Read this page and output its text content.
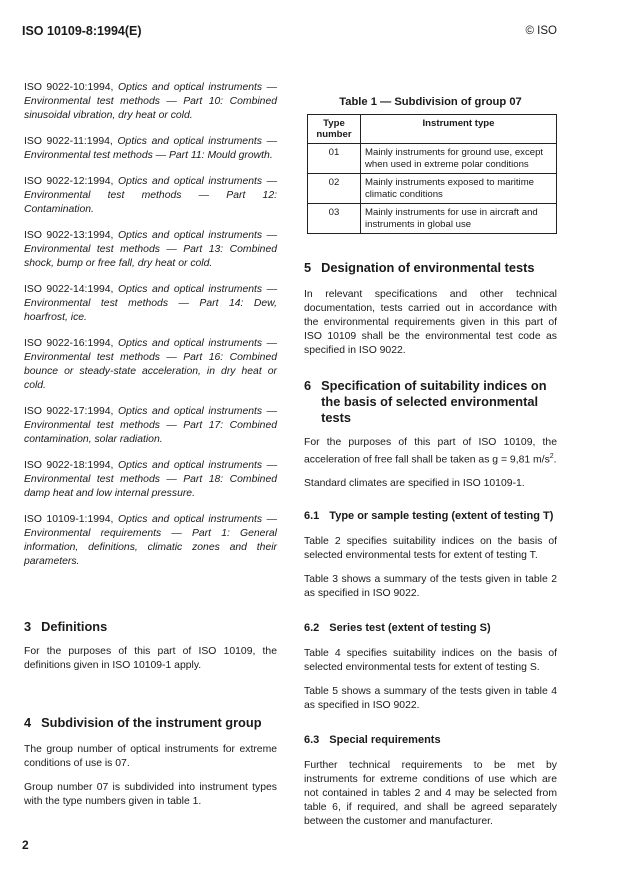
ISO 10109-8:1994(E)	© ISO

ISO 9022-10:1994, Optics and optical instruments — Environmental test methods — Part 10: Combined sinusoidal vibration, dry heat or cold.

ISO 9022-11:1994, Optics and optical instruments — Environmental test methods — Part 11: Mould growth.

ISO 9022-12:1994, Optics and optical instruments — Environmental test methods — Part 12: Contamination.

ISO 9022-13:1994, Optics and optical instruments — Environmental test methods — Part 13: Combined shock, bump or free fall, dry heat or cold.

ISO 9022-14:1994, Optics and optical instruments — Environmental test methods — Part 14: Dew, hoarfrost, ice.

ISO 9022-16:1994, Optics and optical instruments — Environmental test methods — Part 16: Combined bounce or steady-state acceleration, in dry heat or cold.

ISO 9022-17:1994, Optics and optical instruments — Environmental test methods — Part 17: Combined contamination, solar radiation.

ISO 9022-18:1994, Optics and optical instruments — Environmental test methods — Part 18: Combined damp heat and low internal pressure.

ISO 10109-1:1994, Optics and optical instruments — Environmental requirements — Part 1: General information, definitions, climatic zones and their parameters.

3 Definitions

For the purposes of this part of ISO 10109, the definitions given in ISO 10109-1 apply.

4 Subdivision of the instrument group

The group number of optical instruments for extreme conditions of use is 07.

Group number 07 is subdivided into instrument types with the type numbers given in table 1.

Table 1 — Subdivision of group 07

Type number	Instrument type
01	Mainly instruments for ground use, except when used in extreme polar conditions
02	Mainly instruments exposed to maritime climatic conditions
03	Mainly instruments for use in aircraft and instruments in global use
5 Designation of environmental tests

In relevant specifications and other technical documentation, tests carried out in accordance with the environmental requirements given in this part of ISO 10109 shall be the environmental test code as specified in ISO 9022.

6 Specification of suitability indices on the basis of selected environmental tests

For the purposes of this part of ISO 10109, the acceleration of free fall shall be taken as g = 9,81 $m/s^2$.

Standard climates are specified in ISO 10109-1.

6.1 Type or sample testing (extent of testing T)

Table 2 specifies suitability indices on the basis of selected environmental tests for extent of testing T.

Table 3 shows a summary of the tests given in table 2 as specified in ISO 9022.

6.2 Series test (extent of testing S)

Table 4 specifies suitability indices on the basis of selected environmental tests for extent of testing S.

Table 5 shows a summary of the tests given in table 4 as specified in ISO 9022.

6.3 Special requirements

Further technical requirements to be met by instruments for extreme conditions of use which are not contained in tables 2 and 4 may be selected from table 6, if required, and shall be agreed separately between the customer and manufacturer.

2
